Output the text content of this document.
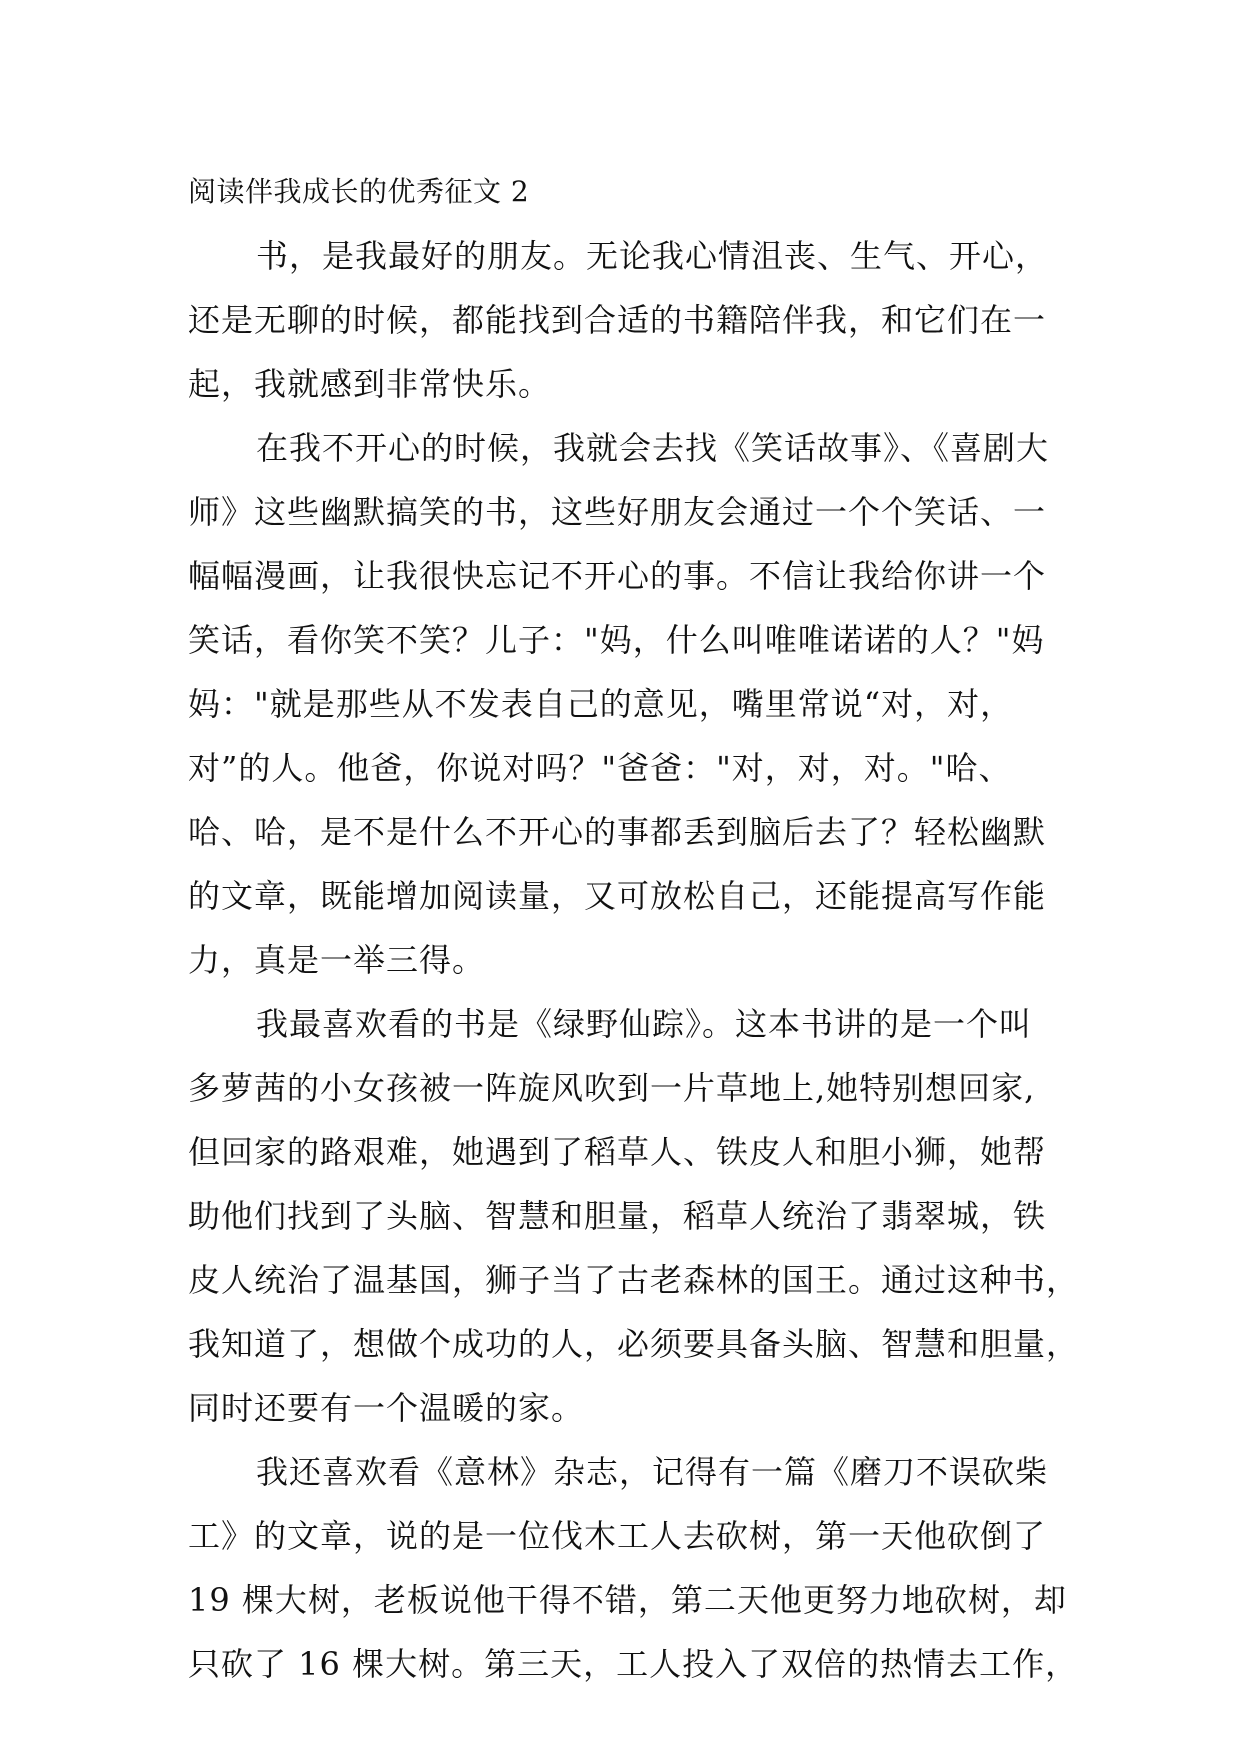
阅读伴我成长的优秀征文 2
书，是我最好的朋友。无论我心情沮丧、生气、开心，
还是无聊的时候，都能找到合适的书籍陪伴我，和它们在一
起，我就感到非常快乐。
在我不开心的时候，我就会去找《笑话故事》、《喜剧大
师》这些幽默搞笑的书，这些好朋友会通过一个个笑话、一
幅幅漫画，让我很快忘记不开心的事。不信让我给你讲一个
笑话，看你笑不笑？儿子："妈，什么叫唯唯诺诺的人？"妈
妈："就是那些从不发表自己的意见，嘴里常说“对，对，
对”的人。他爸，你说对吗？"爸爸："对，对，对。"哈、
哈、哈，是不是什么不开心的事都丢到脑后去了？轻松幽默
的文章，既能增加阅读量，又可放松自己，还能提高写作能
力，真是一举三得。
我最喜欢看的书是《绿野仙踪》。这本书讲的是一个叫
多萝茜的小女孩被一阵旋风吹到一片草地上,她特别想回家,
但回家的路艰难，她遇到了稻草人、铁皮人和胆小狮，她帮
助他们找到了头脑、智慧和胆量，稻草人统治了翡翠城，铁
皮人统治了温基国，狮子当了古老森林的国王。通过这种书，
我知道了，想做个成功的人，必须要具备头脑、智慧和胆量，
同时还要有一个温暖的家。
我还喜欢看《意林》杂志，记得有一篇《磨刀不误砍柴
工》的文章，说的是一位伐木工人去砍树，第一天他砍倒了
19 棵大树，老板说他干得不错，第二天他更努力地砍树，却
只砍了 16 棵大树。第三天，工人投入了双倍的热情去工作，
